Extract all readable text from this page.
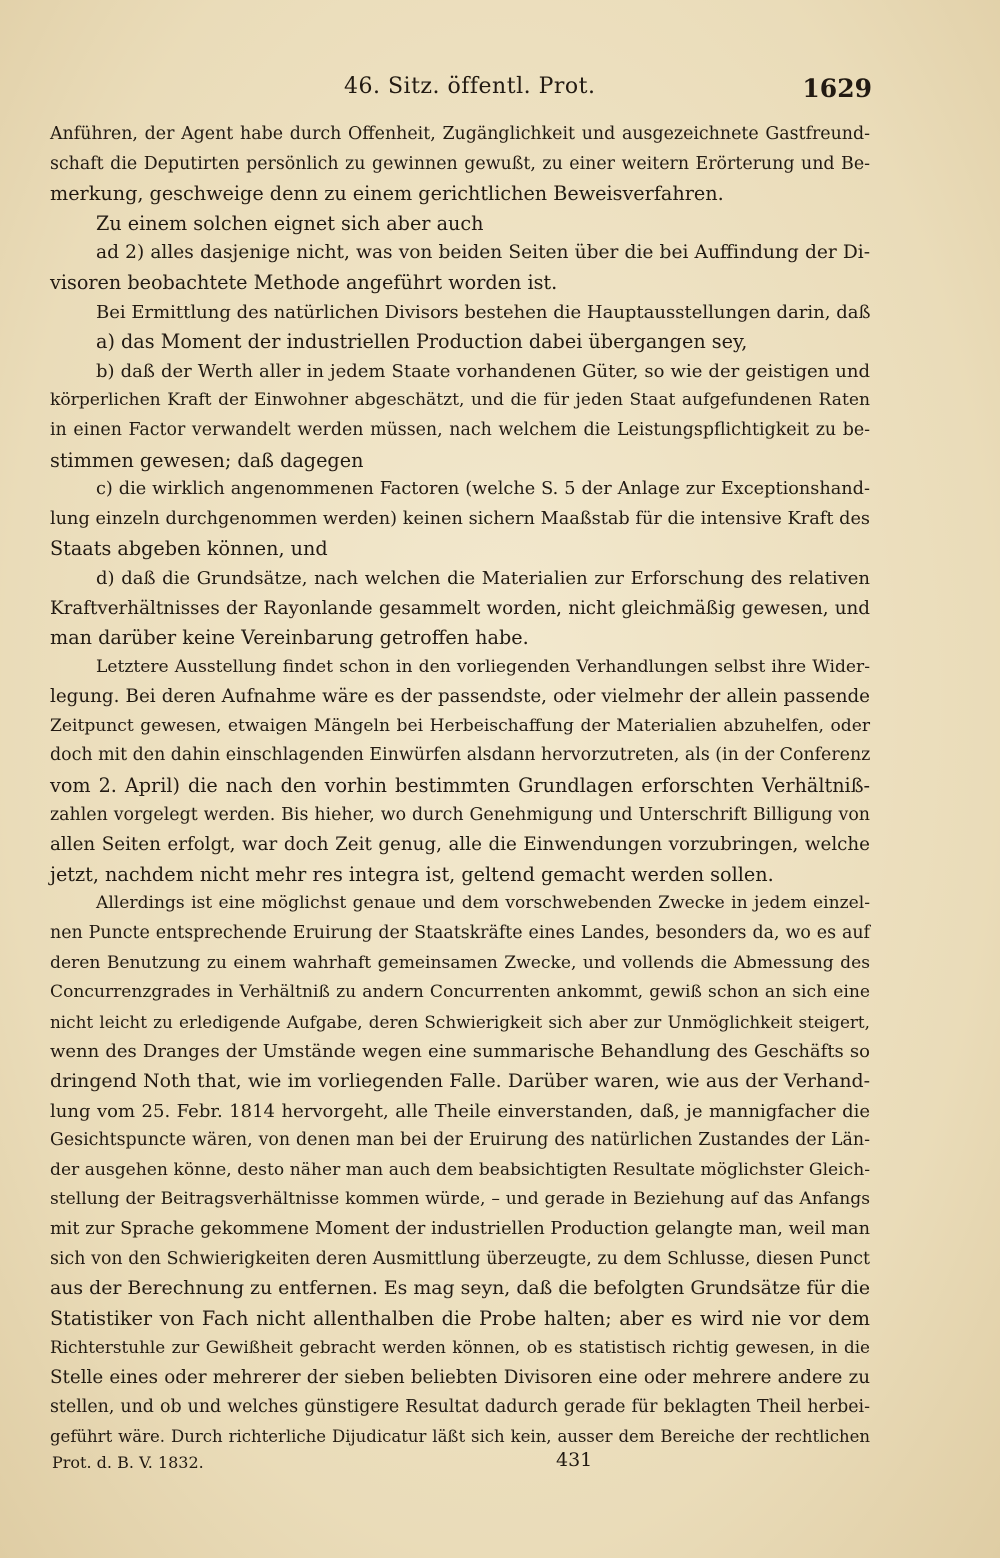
46. Sitz. öffentl. Prot.	1629
Anführen, der Agent habe durch Offenheit, Zugänglichkeit und ausgezeichnete Gastfreund-
schaft die Deputirten persönlich zu gewinnen gewußt, zu einer weitern Erörterung und Be-
merkung, geschweige denn zu einem gerichtlichen Beweisverfahren.
Zu einem solchen eignet sich aber auch
ad 2) alles dasjenige nicht, was von beiden Seiten über die bei Auffindung der Di-
visoren beobachtete Methode angeführt worden ist.
Bei Ermittlung des natürlichen Divisors bestehen die Hauptausstellungen darin, daß
a) das Moment der industriellen Production dabei übergangen sey,
b) daß der Werth aller in jedem Staate vorhandenen Güter, so wie der geistigen und
körperlichen Kraft der Einwohner abgeschätzt, und die für jeden Staat aufgefundenen Raten
in einen Factor verwandelt werden müssen, nach welchem die Leistungspflichtigkeit zu be-
stimmen gewesen; daß dagegen
c) die wirklich angenommenen Factoren (welche S. 5 der Anlage zur Exceptionshand-
lung einzeln durchgenommen werden) keinen sichern Maaßstab für die intensive Kraft des
Staats abgeben können, und
d) daß die Grundsätze, nach welchen die Materialien zur Erforschung des relativen
Kraftverhältnisses der Rayonlande gesammelt worden, nicht gleichmäßig gewesen, und
man darüber keine Vereinbarung getroffen habe.
Letztere Ausstellung findet schon in den vorliegenden Verhandlungen selbst ihre Wider-
legung. Bei deren Aufnahme wäre es der passendste, oder vielmehr der allein passende
Zeitpunct gewesen, etwaigen Mängeln bei Herbeischaffung der Materialien abzuhelfen, oder
doch mit den dahin einschlagenden Einwürfen alsdann hervorzutreten, als (in der Conferenz
vom 2. April) die nach den vorhin bestimmten Grundlagen erforschten Verhältniß-
zahlen vorgelegt werden. Bis hieher, wo durch Genehmigung und Unterschrift Billigung von
allen Seiten erfolgt, war doch Zeit genug, alle die Einwendungen vorzubringen, welche
jetzt, nachdem nicht mehr res integra ist, geltend gemacht werden sollen.
Allerdings ist eine möglichst genaue und dem vorschwebenden Zwecke in jedem einzel-
nen Puncte entsprechende Eruirung der Staatskräfte eines Landes, besonders da, wo es auf
deren Benutzung zu einem wahrhaft gemeinsamen Zwecke, und vollends die Abmessung des
Concurrenzgrades in Verhältniß zu andern Concurrenten ankommt, gewiß schon an sich eine
nicht leicht zu erledigende Aufgabe, deren Schwierigkeit sich aber zur Unmöglichkeit steigert,
wenn des Dranges der Umstände wegen eine summarische Behandlung des Geschäfts so
dringend Noth that, wie im vorliegenden Falle. Darüber waren, wie aus der Verhand-
lung vom 25. Febr. 1814 hervorgeht, alle Theile einverstanden, daß, je mannigfacher die
Gesichtspuncte wären, von denen man bei der Eruirung des natürlichen Zustandes der Län-
der ausgehen könne, desto näher man auch dem beabsichtigten Resultate möglichster Gleich-
stellung der Beitragsverhältnisse kommen würde, – und gerade in Beziehung auf das Anfangs
mit zur Sprache gekommene Moment der industriellen Production gelangte man, weil man
sich von den Schwierigkeiten deren Ausmittlung überzeugte, zu dem Schlusse, diesen Punct
aus der Berechnung zu entfernen. Es mag seyn, daß die befolgten Grundsätze für die
Statistiker von Fach nicht allenthalben die Probe halten; aber es wird nie vor dem
Richterstuhle zur Gewißheit gebracht werden können, ob es statistisch richtig gewesen, in die
Stelle eines oder mehrerer der sieben beliebten Divisoren eine oder mehrere andere zu
stellen, und ob und welches günstigere Resultat dadurch gerade für beklagten Theil herbei-
geführt wäre. Durch richterliche Dijudicatur läßt sich kein, ausser dem Bereiche der rechtlichen
Prot. d. B. V. 1832.	431
